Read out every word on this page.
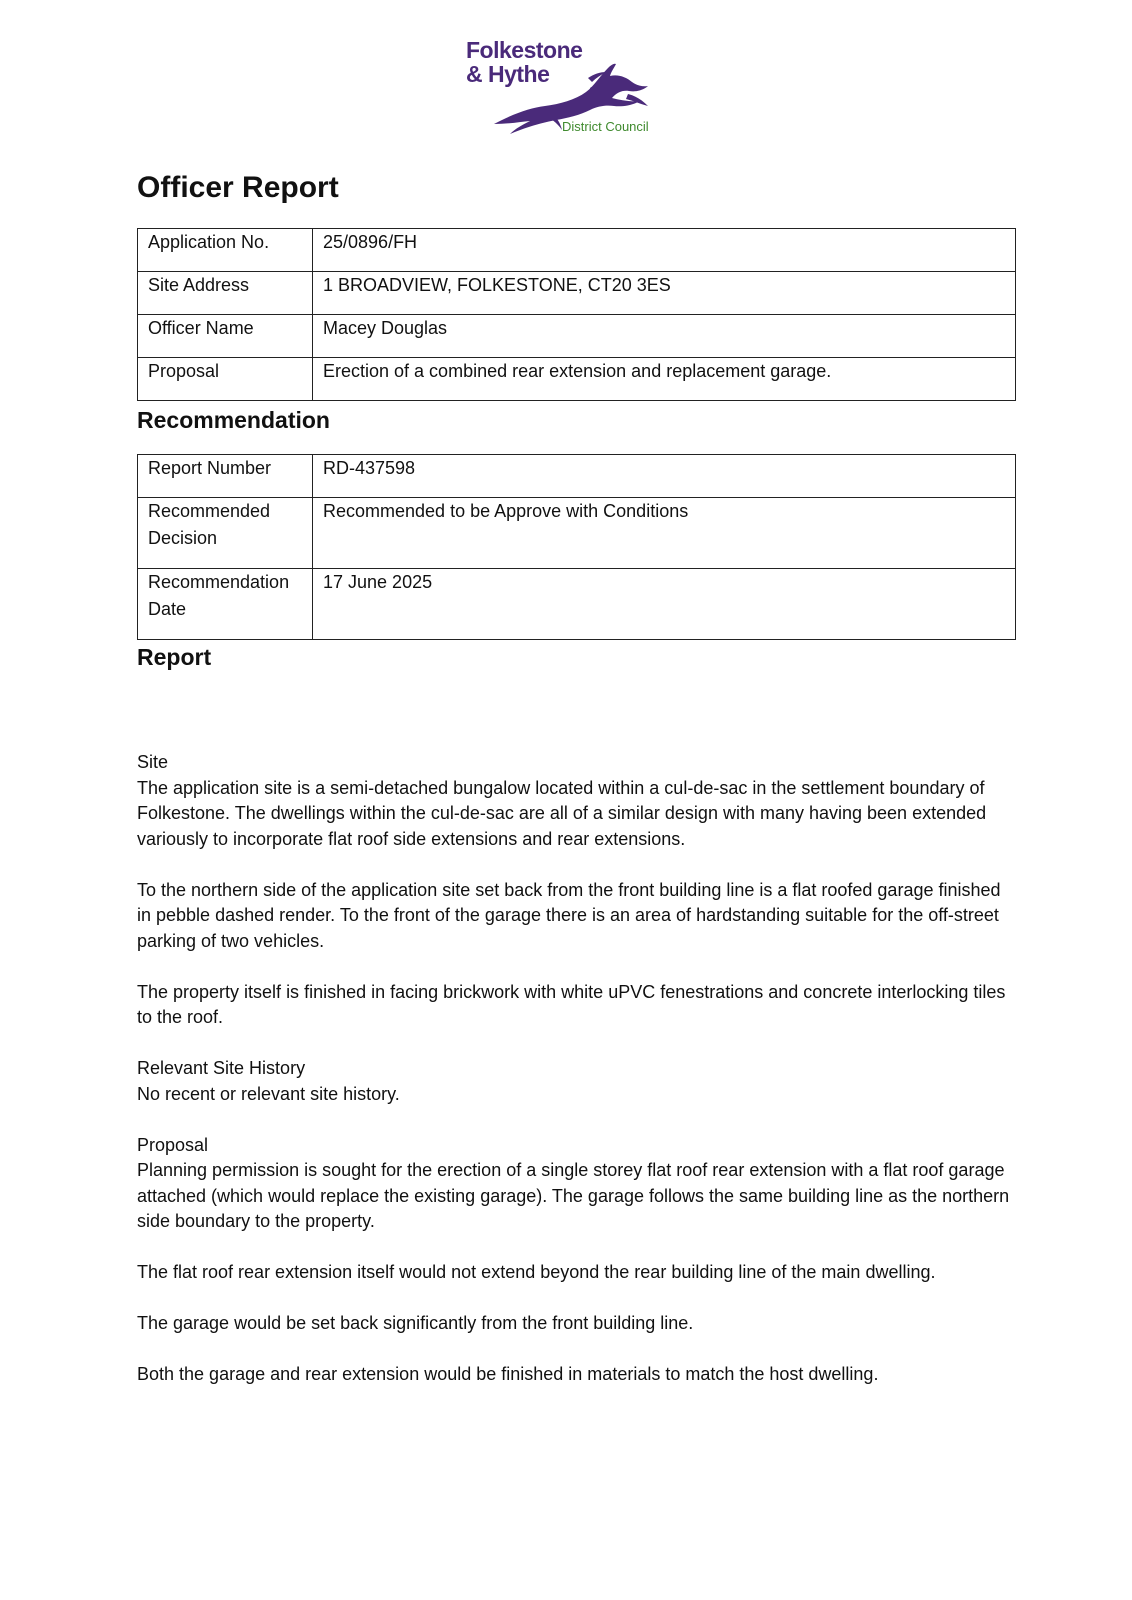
Folkestone
& Hythe
District Council
Officer Report
Application No.	25/0896/FH
Site Address	1 BROADVIEW, FOLKESTONE, CT20 3ES
Officer Name	Macey Douglas
Proposal	Erection of a combined rear extension and replacement garage.
Recommendation
Report Number	RD-437598
Recommended Decision	Recommended to be Approve with Conditions
Recommendation Date	17 June 2025
Report

Site

The application site is a semi-detached bungalow located within a cul-de-sac in the settlement boundary of Folkestone. The dwellings within the cul-de-sac are all of a similar design with many having been extended variously to incorporate flat roof side extensions and rear extensions.

To the northern side of the application site set back from the front building line is a flat roofed garage finished in pebble dashed render. To the front of the garage there is an area of hardstanding suitable for the off-street parking of two vehicles.

The property itself is finished in facing brickwork with white uPVC fenestrations and concrete interlocking tiles to the roof.

Relevant Site History

No recent or relevant site history.

Proposal

Planning permission is sought for the erection of a single storey flat roof rear extension with a flat roof garage attached (which would replace the existing garage). The garage follows the same building line as the northern side boundary to the property.

The flat roof rear extension itself would not extend beyond the rear building line of the main dwelling.

The garage would be set back significantly from the front building line.

Both the garage and rear extension would be finished in materials to match the host dwelling.
